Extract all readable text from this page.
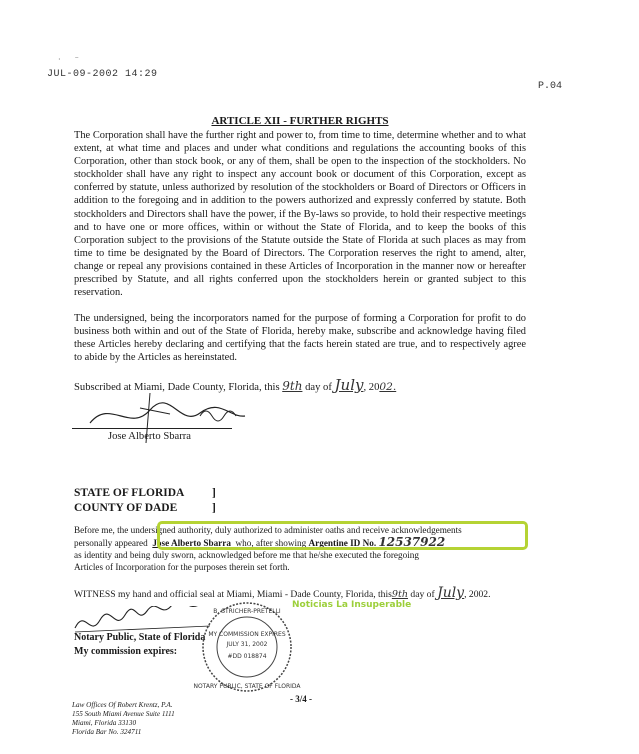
·       ⁻
JUL-09-2002 14:29
P.04
ARTICLE XII - FURTHER RIGHTS

The Corporation shall have the further right and power to, from time to time, determine whether and to what extent, at what time and places and under what conditions and regulations the accounting books of this Corporation, other than stock book, or any of them, shall be open to the inspection of the stockholders. No stockholder shall have any right to inspect any account book or document of this Corporation, except as conferred by statute, unless authorized by resolution of the stockholders or Board of Directors or Officers in addition to the foregoing and in addition to the powers authorized and expressly conferred by statute. Both stockholders and Directors shall have the power, if the By-laws so provide, to hold their respective meetings and to have one or more offices, within or without the State of Florida, and to keep the books of this Corporation subject to the provisions of the Statute outside the State of Florida at such places as may from time to time be designated by the Board of Directors. The Corporation reserves the right to amend, alter, change or repeal any provisions contained in these Articles of Incorporation in the manner now or hereafter prescribed by Statute, and all rights conferred upon the stockholders herein or granted subject to this reservation.

The undersigned, being the incorporators named for the purpose of forming a Corporation for profit to do business both within and out of the State of Florida, hereby make, subscribe and acknowledge having filed these Articles hereby declaring and certifying that the facts herein stated are true, and to respectively agree to abide by the Articles as hereinstated.

Subscribed at Miami, Dade County, Florida, this 9th day of July, 2002.
Jose Alberto Sbarra
STATE OF FLORIDA
COUNTY OF DADE
]
]
Before me, the undersigned authority, duly authorized to administer oaths and receive acknowledgements
personally appeared Jose Alberto Sbarra who, after showing Argentine ID No. 12537922
as identity and being duly sworn, acknowledged before me that he/she executed the foregoing
Articles of Incorporation for the purposes therein set forth.
WITNESS my hand and official seal at Miami, Miami - Dade County, Florida, this9th day of July, 2002.
Notary Public, State of Florida
My commission expires:
B. STRICHER-PRETELLI
MY COMMISSION EXPIRES
JULY 31, 2002
#DD 018874
NOTARY PUBLIC, STATE OF FLORIDA
Noticias La Insuperable
- 3/4 -
Law Offices Of Robert Krentz, P.A.
155 South Miami Avenue Suite 1111
Miami, Florida 33130
Florida Bar No. 324711
